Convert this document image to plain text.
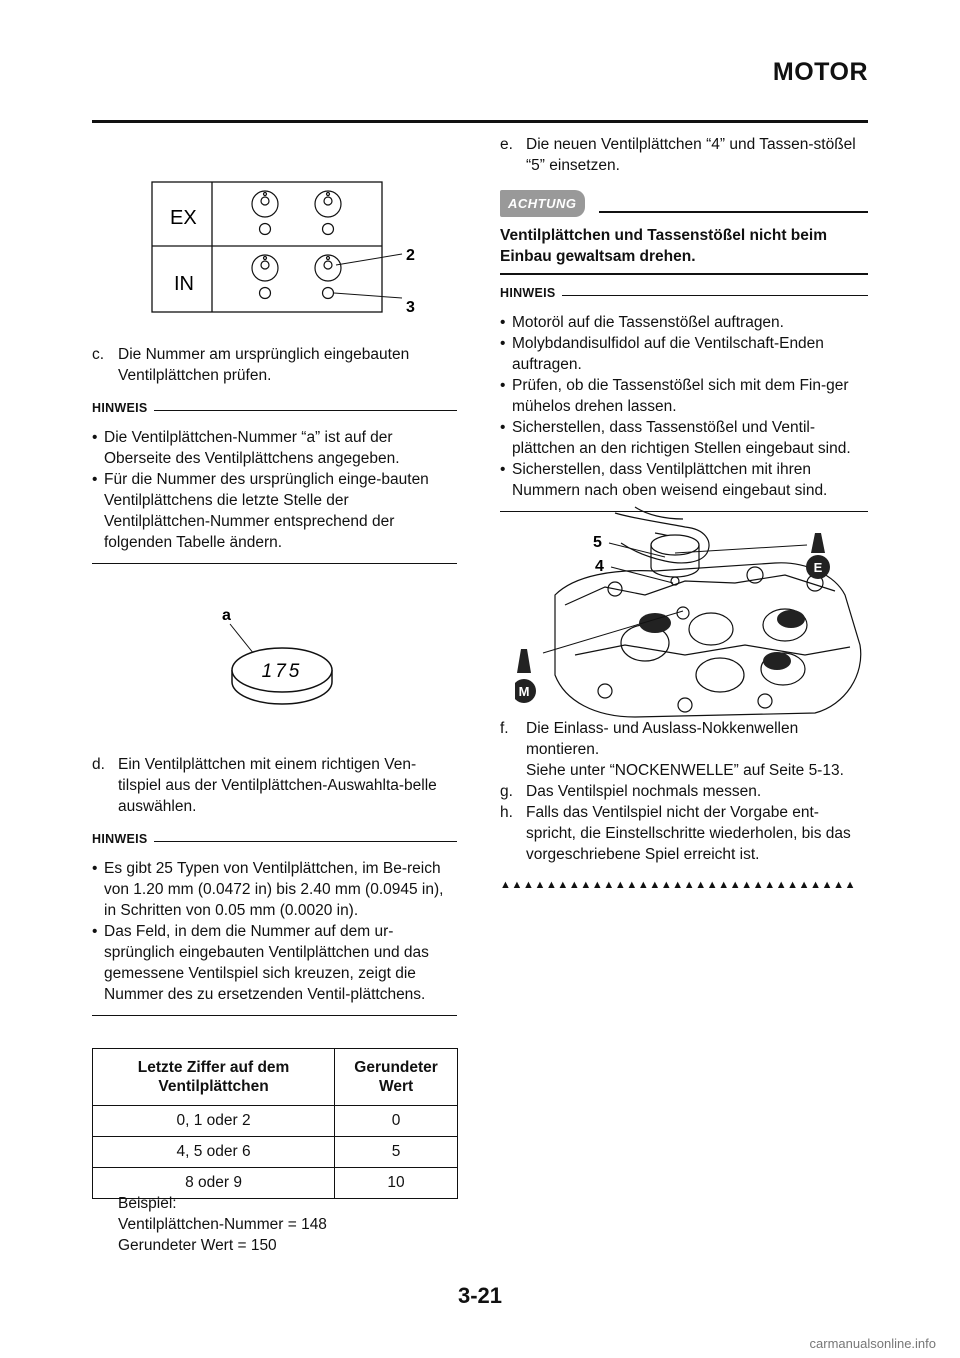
MOTOR
EX
IN
2
3
c. Die Nummer am ursprünglich eingebauten Ventilplättchen prüfen.
HINWEIS
• Die Ventilplättchen-Nummer “a” ist auf der Oberseite des Ventilplättchens angegeben.
• Für die Nummer des ursprünglich einge-bauten Ventilplättchens die letzte Stelle der Ventilplättchen-Nummer entsprechend der folgenden Tabelle ändern.
a
175
d. Ein Ventilplättchen mit einem richtigen Ven-tilspiel aus der Ventilplättchen-Auswahlta-belle auswählen.
HINWEIS
• Es gibt 25 Typen von Ventilplättchen, im Be-reich von 1.20 mm (0.0472 in) bis 2.40 mm (0.0945 in), in Schritten von 0.05 mm (0.0020 in).
• Das Feld, in dem die Nummer auf dem ur-sprünglich eingebauten Ventilplättchen und das gemessene Ventilspiel sich kreuzen, zeigt die Nummer des zu ersetzenden Ventil-plättchens.
Letzte Ziffer auf dem Ventilplättchen	Gerundeter Wert
0, 1 oder 2	0
4, 5 oder 6	5
8 oder 9	10
Beispiel:
Ventilplättchen-Nummer = 148
Gerundeter Wert = 150
e. Die neuen Ventilplättchen “4” und Tassen-stößel “5” einsetzen.
ACHTUNG
Ventilplättchen und Tassenstößel nicht beim Einbau gewaltsam drehen.
HINWEIS
• Motoröl auf die Tassenstößel auftragen.
• Molybdandisulfidol auf die Ventilschaft-Enden auftragen.
• Prüfen, ob die Tassenstößel sich mit dem Fin-ger mühelos drehen lassen.
• Sicherstellen, dass Tassenstößel und Ventil-plättchen an den richtigen Stellen eingebaut sind.
• Sicherstellen, dass Ventilplättchen mit ihren Nummern nach oben weisend eingebaut sind.
5
4	E
M
f. Die Einlass- und Auslass-Nokkenwellen montieren.
Siehe unter “NOCKENWELLE” auf Seite 5-13.
g. Das Ventilspiel nochmals messen.
h. Falls das Ventilspiel nicht der Vorgabe ent-spricht, die Einstellschritte wiederholen, bis das vorgeschriebene Spiel erreicht ist.
▲▲▲▲▲▲▲▲▲▲▲▲▲▲▲▲▲▲▲▲▲▲▲▲▲▲▲▲▲▲▲
3-21
carmanualsonline.info
